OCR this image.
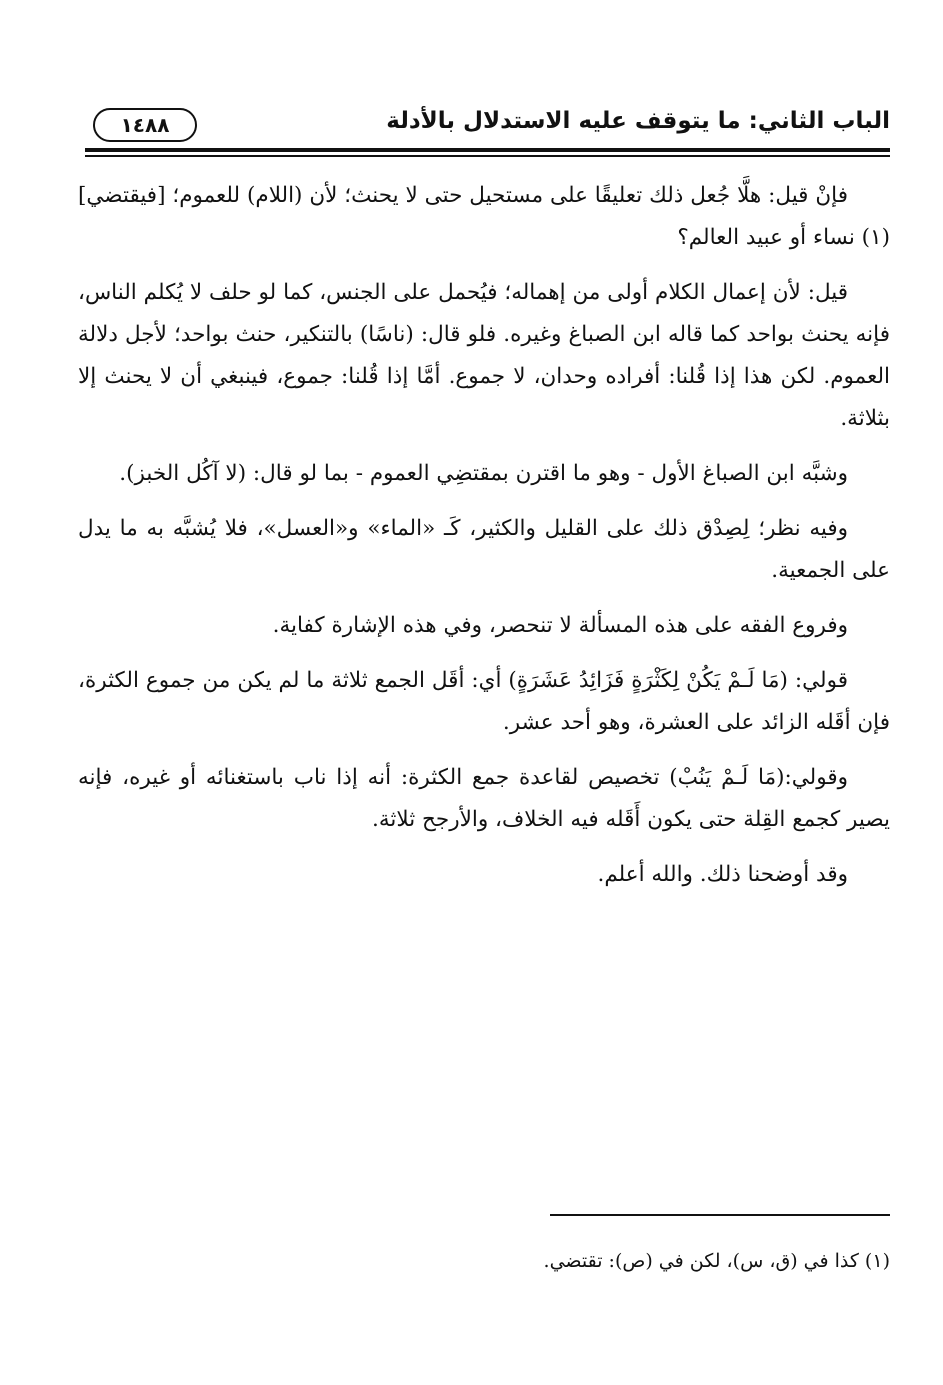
الباب الثاني: ما يتوقف عليه الاستدلال بالأدلة
١٤٨٨

فإنْ قيل: هلَّا جُعل ذلك تعليقًا على مستحيل حتى لا يحنث؛ لأن (اللام) للعموم؛ [فيقتضي](١) نساء أو عبيد العالم؟

قيل: لأن إعمال الكلام أولى من إهماله؛ فيُحمل على الجنس، كما لو حلف لا يُكلم الناس، فإنه يحنث بواحد كما قاله ابن الصباغ وغيره. فلو قال: (ناسًا) بالتنكير، حنث بواحد؛ لأجل دلالة العموم. لكن هذا إذا قُلنا: أفراده وحدان، لا جموع. أمَّا إذا قُلنا: جموع، فينبغي أن لا يحنث إلا بثلاثة.

وشبَّه ابن الصباغ الأول - وهو ما اقترن بمقتضِي العموم - بما لو قال: (لا آكُل الخبز).

وفيه نظر؛ لِصِدْق ذلك على القليل والكثير، كَـ «الماء» و«العسل»، فلا يُشبَّه به ما يدل على الجمعية.

وفروع الفقه على هذه المسألة لا تنحصر، وفي هذه الإشارة كفاية.

قولي: (مَا لَـمْ يَكُنْ لِكَثْرَةٍ فَزَائِدُ عَشَرَةٍ) أي: أقَل الجمع ثلاثة ما لم يكن من جموع الكثرة، فإن أقَله الزائد على العشرة، وهو أحد عشر.

وقولي:(مَا لَـمْ يَنُبْ) تخصيص لقاعدة جمع الكثرة: أنه إذا ناب باستغنائه أو غيره، فإنه يصير كجمع القِلة حتى يكون أَقَله فيه الخلاف، والأرجح ثلاثة.

وقد أوضحنا ذلك. والله أعلم.

(١) كذا في (ق، س)، لكن في (ص): تقتضي.
